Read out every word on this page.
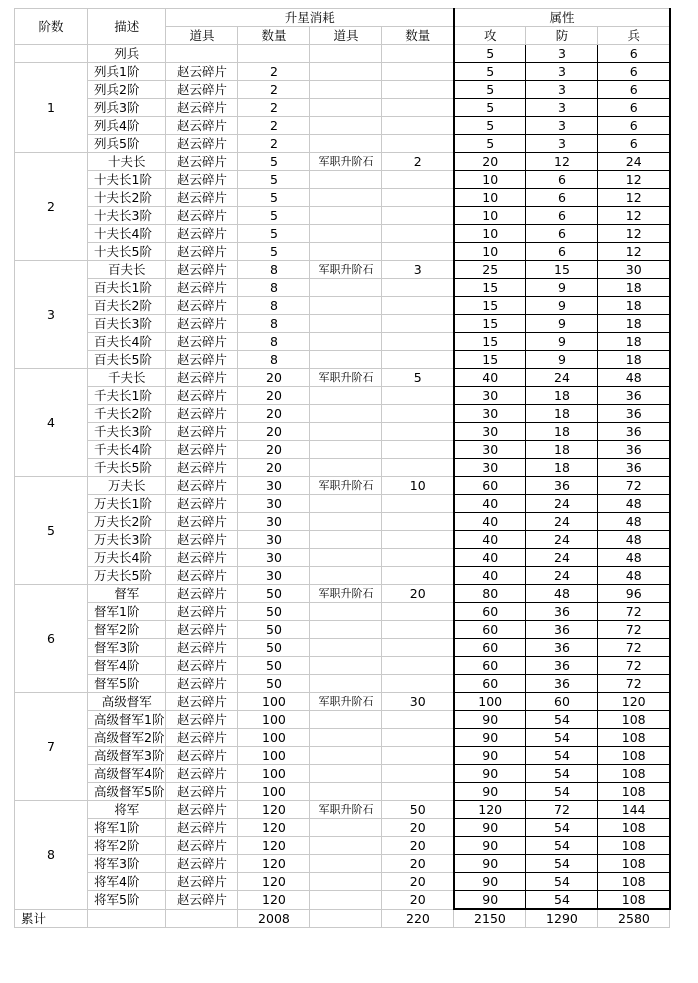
阶数	描述	升星消耗				属性		
		道具	数量	道具	数量	攻	防	兵
	列兵					5	3	6
1	列兵1阶	赵云碎片	2			5	3	6
	列兵2阶	赵云碎片	2			5	3	6
	列兵3阶	赵云碎片	2			5	3	6
	列兵4阶	赵云碎片	2			5	3	6
	列兵5阶	赵云碎片	2			5	3	6
2	十夫长	赵云碎片	5	军职升阶石	2	20	12	24
	十夫长1阶	赵云碎片	5			10	6	12
	十夫长2阶	赵云碎片	5			10	6	12
	十夫长3阶	赵云碎片	5			10	6	12
	十夫长4阶	赵云碎片	5			10	6	12
	十夫长5阶	赵云碎片	5			10	6	12
3	百夫长	赵云碎片	8	军职升阶石	3	25	15	30
	百夫长1阶	赵云碎片	8			15	9	18
	百夫长2阶	赵云碎片	8			15	9	18
	百夫长3阶	赵云碎片	8			15	9	18
	百夫长4阶	赵云碎片	8			15	9	18
	百夫长5阶	赵云碎片	8			15	9	18
4	千夫长	赵云碎片	20	军职升阶石	5	40	24	48
	千夫长1阶	赵云碎片	20			30	18	36
	千夫长2阶	赵云碎片	20			30	18	36
	千夫长3阶	赵云碎片	20			30	18	36
	千夫长4阶	赵云碎片	20			30	18	36
	千夫长5阶	赵云碎片	20			30	18	36
5	万夫长	赵云碎片	30	军职升阶石	10	60	36	72
	万夫长1阶	赵云碎片	30			40	24	48
	万夫长2阶	赵云碎片	30			40	24	48
	万夫长3阶	赵云碎片	30			40	24	48
	万夫长4阶	赵云碎片	30			40	24	48
	万夫长5阶	赵云碎片	30			40	24	48
6	督军	赵云碎片	50	军职升阶石	20	80	48	96
	督军1阶	赵云碎片	50			60	36	72
	督军2阶	赵云碎片	50			60	36	72
	督军3阶	赵云碎片	50			60	36	72
	督军4阶	赵云碎片	50			60	36	72
	督军5阶	赵云碎片	50			60	36	72
7	高级督军	赵云碎片	100	军职升阶石	30	100	60	120
	高级督军1阶	赵云碎片	100			90	54	108
	高级督军2阶	赵云碎片	100			90	54	108
	高级督军3阶	赵云碎片	100			90	54	108
	高级督军4阶	赵云碎片	100			90	54	108
	高级督军5阶	赵云碎片	100			90	54	108
8	将军	赵云碎片	120	军职升阶石	50	120	72	144
	将军1阶	赵云碎片	120		20	90	54	108
	将军2阶	赵云碎片	120		20	90	54	108
	将军3阶	赵云碎片	120		20	90	54	108
	将军4阶	赵云碎片	120		20	90	54	108
	将军5阶	赵云碎片	120		20	90	54	108
累计			2008		220	2150	1290	2580
